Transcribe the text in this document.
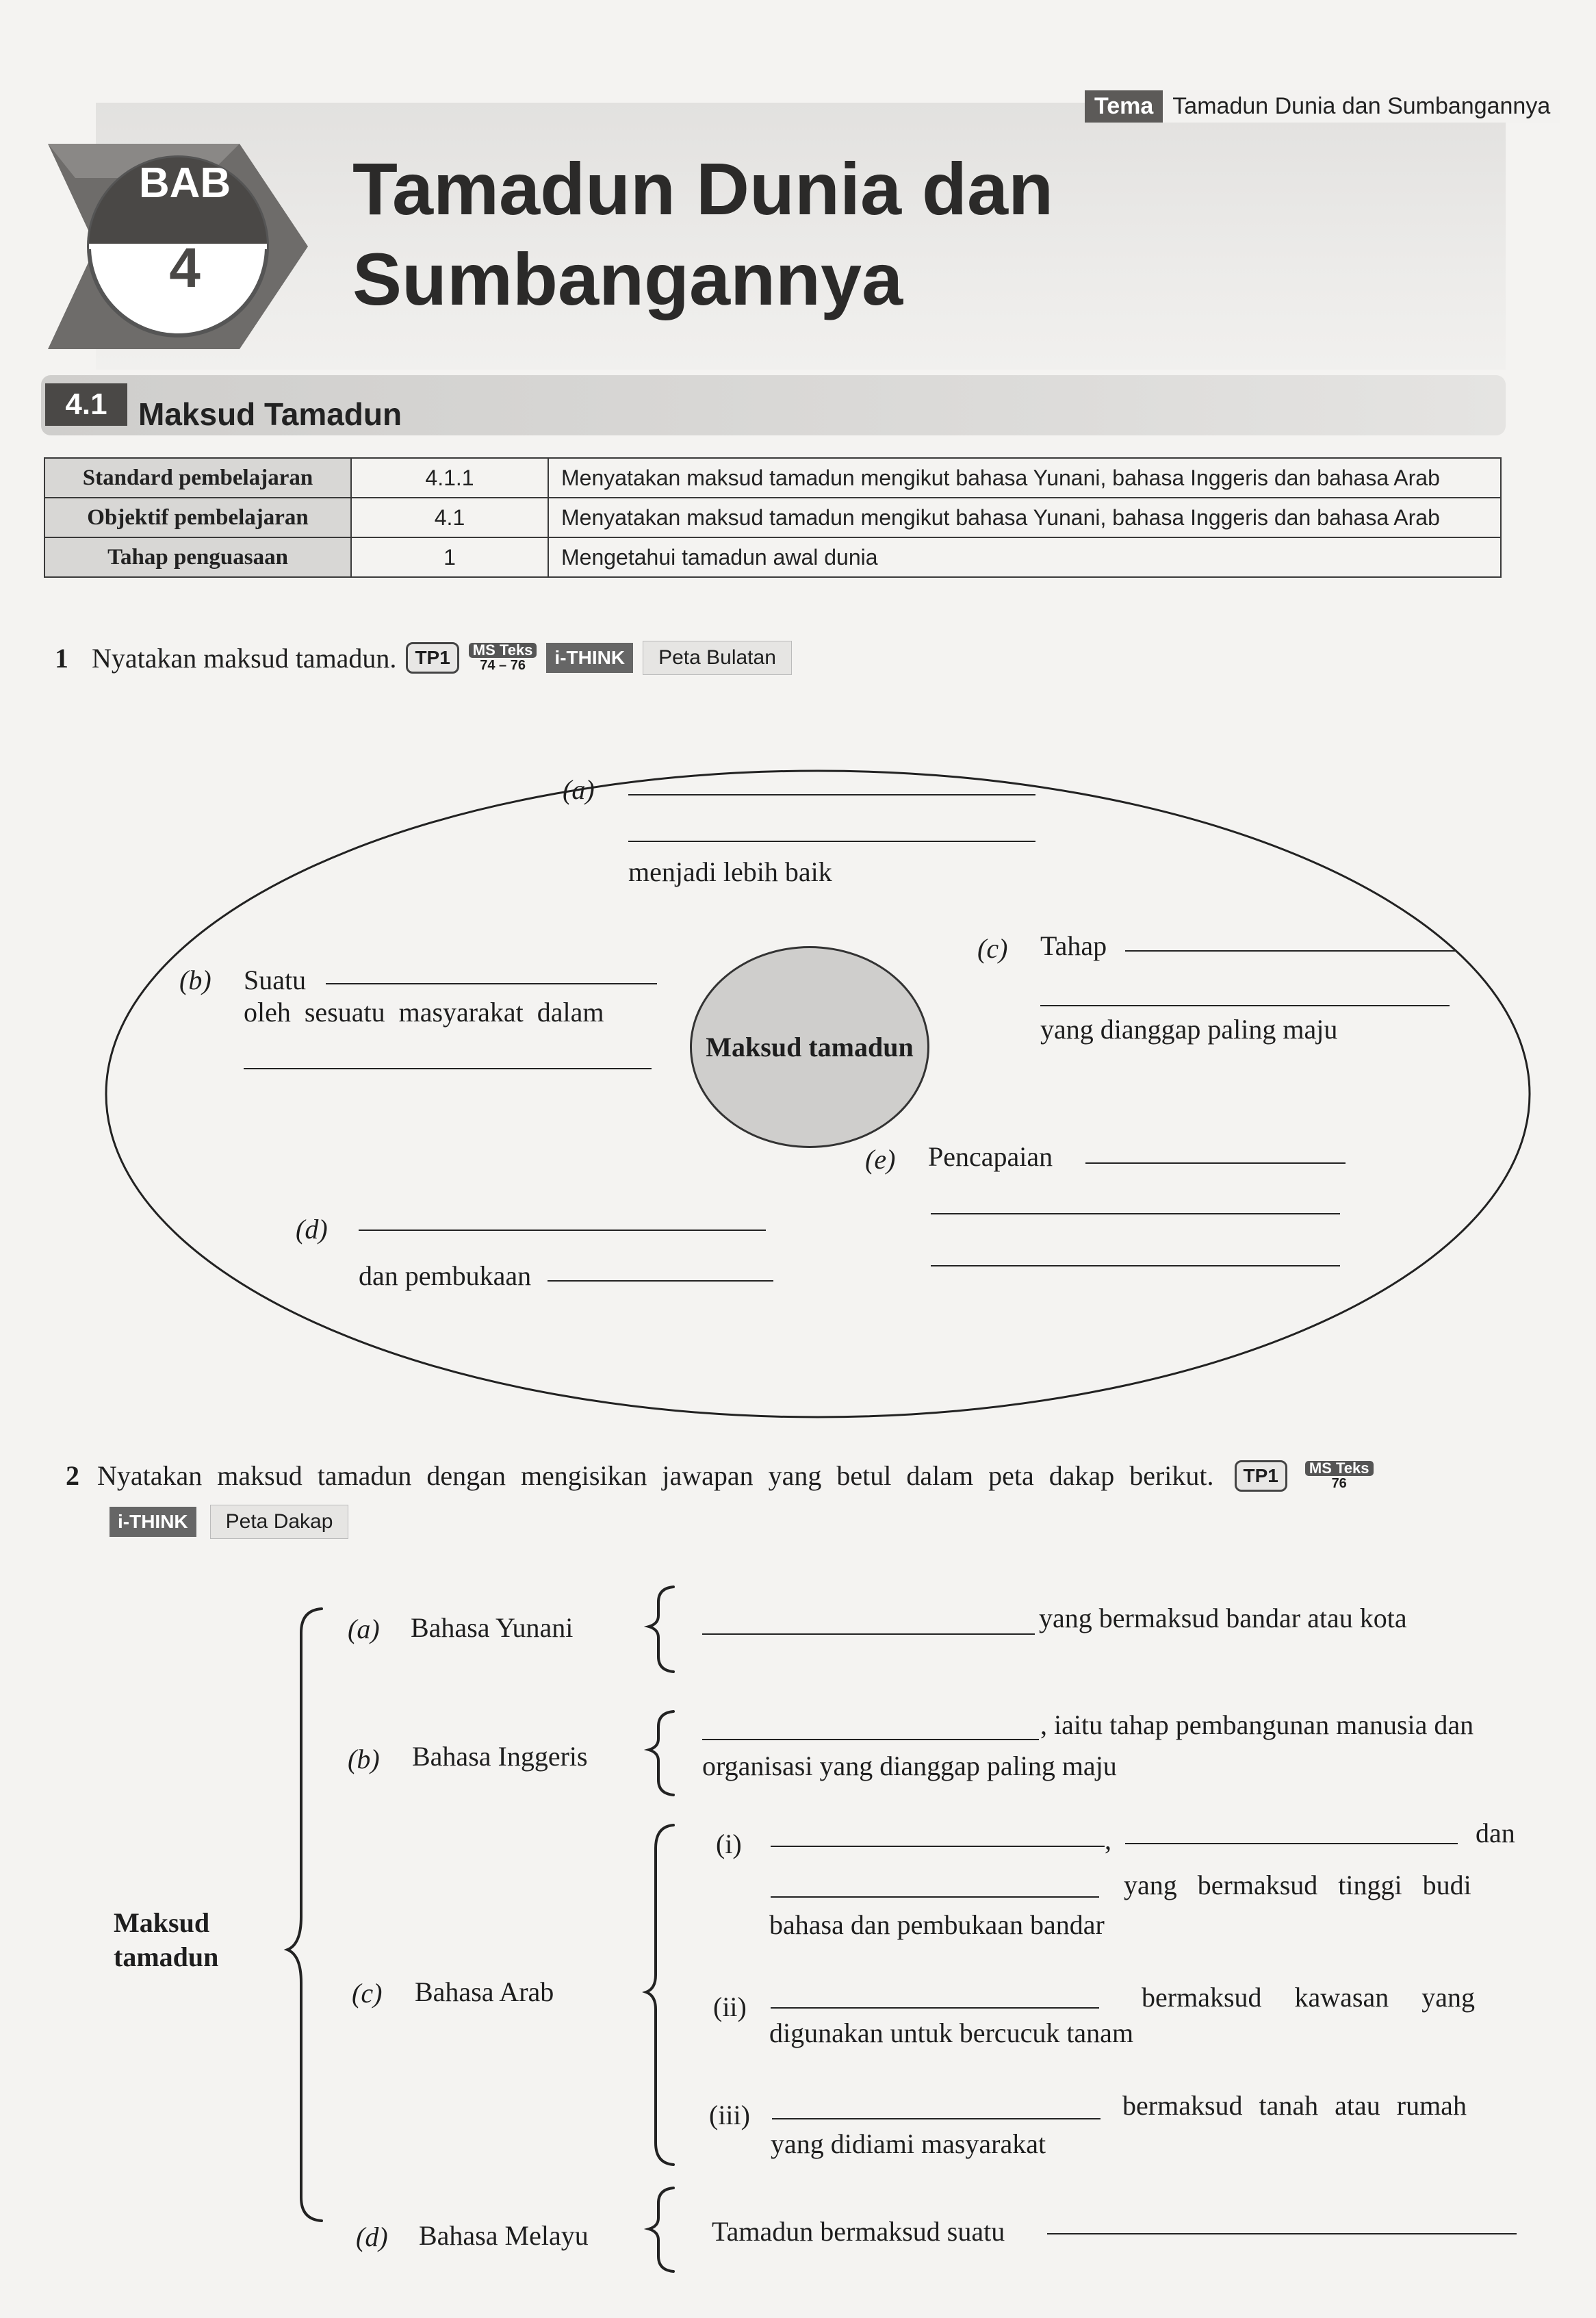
Tema Tamadun Dunia dan Sumbangannya
BAB
4
Tamadun Dunia dan
Sumbangannya
4.1 Maksud Tamadun
Standard pembelajaran	4.1.1	Menyatakan maksud tamadun mengikut bahasa Yunani, bahasa Inggeris dan bahasa Arab
Objektif pembelajaran	4.1	Menyatakan maksud tamadun mengikut bahasa Yunani, bahasa Inggeris dan bahasa Arab
Tahap penguasaan	1	Mengetahui tamadun awal dunia
1 Nyatakan maksud tamadun. TP1	MS Teks
74 – 76	i-THINK	Peta Bulatan
Maksud tamadun
(a)
menjadi lebih baik
(b) Suatu
oleh sesuatu masyarakat dalam
(c) Tahap
yang dianggap paling maju
(e) Pencapaian
(d)
dan pembukaan
2 Nyatakan maksud tamadun dengan mengisikan jawapan yang betul dalam peta dakap berikut.	TP1	MS Teks
76
i-THINK	Peta Dakap
Maksud tamadun
(a) Bahasa Yunani	yang bermaksud bandar atau kota
(b) Bahasa Inggeris
, iaitu tahap pembangunan manusia dan
organisasi yang dianggap paling maju
(c) Bahasa Arab
(i)	,	dan
yang bermaksud tinggi budi
bahasa dan pembukaan bandar
(ii)	bermaksud kawasan yang
digunakan untuk bercucuk tanam
(iii)	bermaksud tanah atau rumah
yang didiami masyarakat
(d) Bahasa Melayu	Tamadun bermaksud suatu
